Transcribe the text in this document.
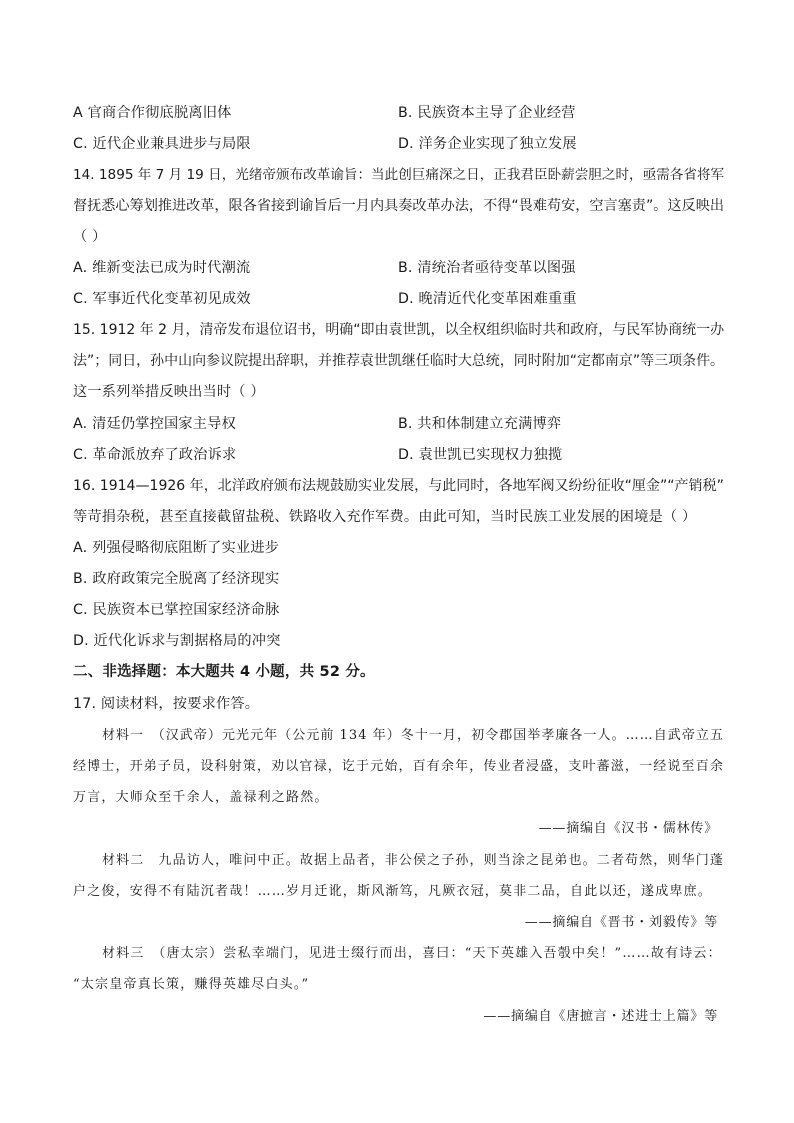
A 官商合作彻底脱离旧体	B. 民族资本主导了企业经营
C. 近代企业兼具进步与局限	D. 洋务企业实现了独立发展
14. 1895 年 7 月 19 日，光绪帝颁布改革谕旨：当此创巨痛深之日，正我君臣卧薪尝胆之时，亟需各省将军
督抚悉心筹划推进改革，限各省接到谕旨后一月内具奏改革办法，不得“畏难苟安，空言塞责”。这反映出
（ ）
A. 维新变法已成为时代潮流	B. 清统治者亟待变革以图强
C. 军事近代化变革初见成效	D. 晚清近代化变革困难重重
15. 1912 年 2 月，清帝发布退位诏书，明确“即由袁世凯，以全权组织临时共和政府，与民军协商统一办
法”；同日，孙中山向参议院提出辞职，并推荐袁世凯继任临时大总统，同时附加“定都南京”等三项条件。
这一系列举措反映出当时（ ）
A. 清廷仍掌控国家主导权	B. 共和体制建立充满博弈
C. 革命派放弃了政治诉求	D. 袁世凯已实现权力独揽
16. 1914—1926 年，北洋政府颁布法规鼓励实业发展，与此同时，各地军阀又纷纷征收“厘金”“产销税”
等苛捐杂税，甚至直接截留盐税、铁路收入充作军费。由此可知，当时民族工业发展的困境是（ ）
A. 列强侵略彻底阻断了实业进步
B. 政府政策完全脱离了经济现实
C. 民族资本已掌控国家经济命脉
D. 近代化诉求与割据格局的冲突
二、非选择题：本大题共 4 小题，共 52 分。
17. 阅读材料，按要求作答。
材料一　（汉武帝）元光元年（公元前 134 年）冬十一月，初令郡国举孝廉各一人。……自武帝立五
经博士，开弟子员，设科射策，劝以官禄，讫于元始，百有余年，传业者浸盛，支叶蕃滋，一经说至百余
万言，大师众至千余人，盖禄利之路然。
——摘编自《汉书・儒林传》
材料二　九品访人，唯问中正。故据上品者，非公侯之子孙，则当涂之昆弟也。二者苟然，则华门蓬
户之俊，安得不有陆沉者哉！……岁月迁讹，斯风渐笃，凡厥衣冠，莫非二品，自此以还，遂成卑庶。
——摘编自《晋书・刘毅传》等
材料三　（唐太宗）尝私幸端门，见进士缀行而出，喜曰：“天下英雄入吾彀中矣！”……故有诗云：
“太宗皇帝真长策，赚得英雄尽白头。”
——摘编自《唐摭言・述进士上篇》等
